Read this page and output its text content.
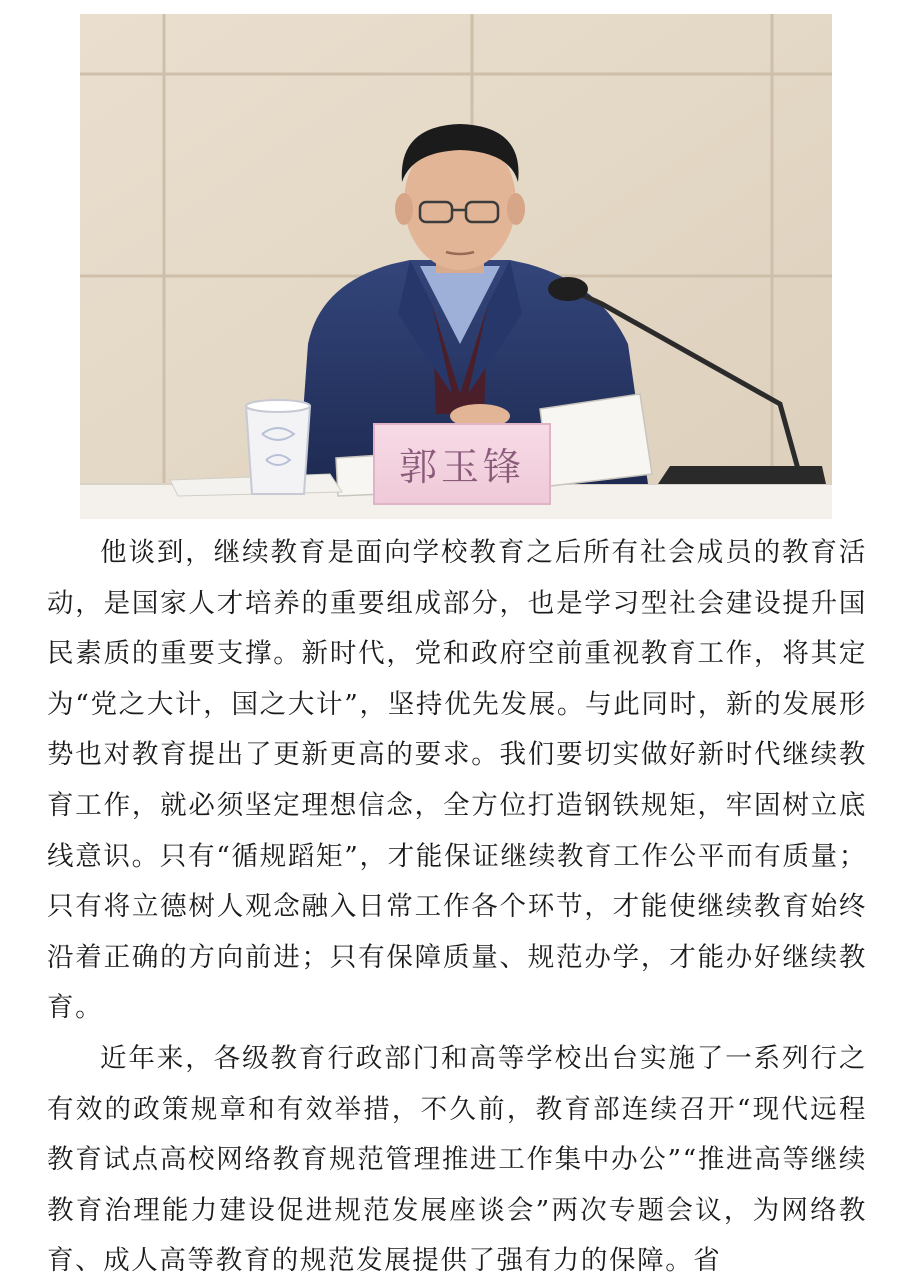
郭玉锋

他谈到，继续教育是面向学校教育之后所有社会成员的教育活动，是国家人才培养的重要组成部分，也是学习型社会建设提升国民素质的重要支撑。新时代，党和政府空前重视教育工作，将其定为“党之大计，国之大计”，坚持优先发展。与此同时，新的发展形势也对教育提出了更新更高的要求。我们要切实做好新时代继续教育工作，就必须坚定理想信念，全方位打造钢铁规矩，牢固树立底线意识。只有“循规蹈矩”，才能保证继续教育工作公平而有质量；只有将立德树人观念融入日常工作各个环节，才能使继续教育始终沿着正确的方向前进；只有保障质量、规范办学，才能办好继续教育。

近年来，各级教育行政部门和高等学校出台实施了一系列行之有效的政策规章和有效举措，不久前，教育部连续召开“现代远程教育试点高校网络教育规范管理推进工作集中办公”“推进高等继续教育治理能力建设促进规范发展座谈会”两次专题会议，为网络教育、成人高等教育的规范发展提供了强有力的保障。省
